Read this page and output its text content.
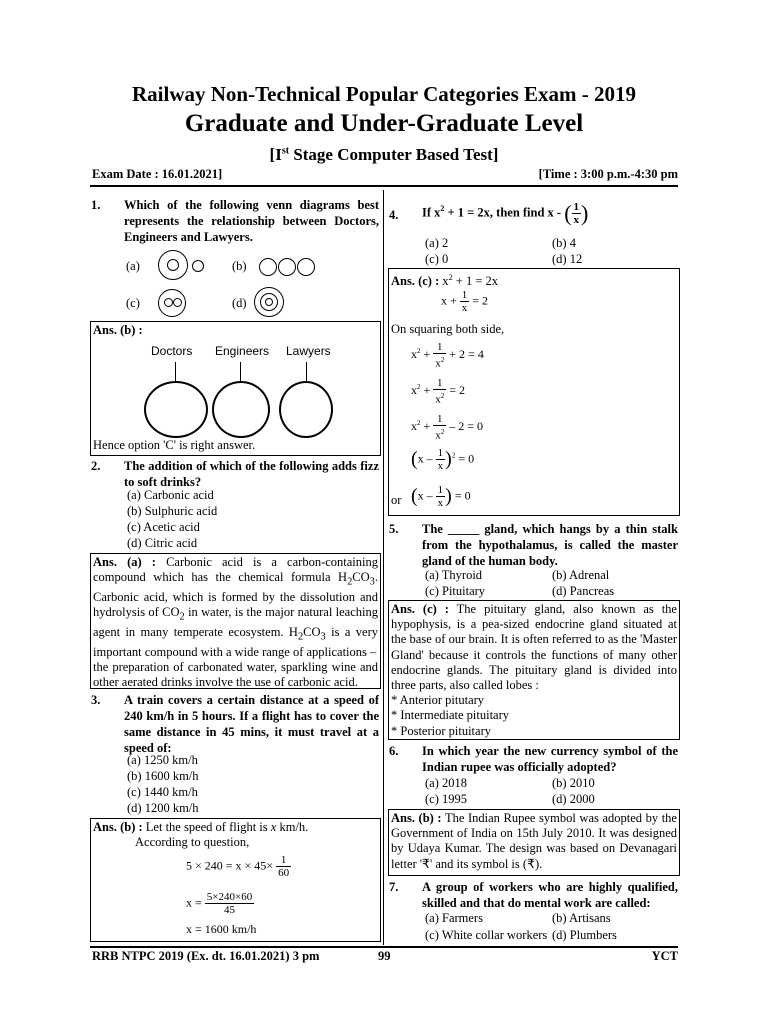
Railway Non-Technical Popular Categories Exam - 2019
Graduate and Under-Graduate Level
[Ist Stage Computer Based Test]
Exam Date : 16.01.2021]	[Time : 3:00 p.m.-4:30 pm
1. Which of the following venn diagrams best represents the relationship between Doctors, Engineers and Lawyers.
(a)	(b)
(c)	(d)
Ans. (b) :
Doctors Engineers Lawyers
Hence option 'C' is right answer.
2. The addition of which of the following adds fizz to soft drinks?
(a) Carbonic acid
(b) Sulphuric acid
(c) Acetic acid
(d) Citric acid
Ans. (a) : Carbonic acid is a carbon-containing compound which has the chemical formula $H_2CO_3$. Carbonic acid, which is formed by the dissolution and hydrolysis of $CO_2$ in water, is the major natural leaching agent in many temperate ecosystem. $H_2CO_3$ is a very important compound with a wide range of applications –
the preparation of carbonated water, sparkling wine and other aerated drinks involve the use of carbonic acid.
3. A train covers a certain distance at a speed of 240 km/h in 5 hours. If a flight has to cover the same distance in 45 mins, it must travel at a speed of:
(a) 1250 km/h
(b) 1600 km/h
(c) 1440 km/h
(d) 1200 km/h
Ans. (b) : Let the speed of flight is x km/h.
According to question,
$5 \times 240 = x \times 45\times \frac{1}{60}$
$x = \frac{5\times 240\times 60}{45}$
x = 1600 km/h
4. If $x^2 + 1 = 2x$, then find x - ( $\frac{1}{x}$ )
(a) 2	(b) 4
(c) 0	(d) 12
Ans. (c) : $x^2 + 1 = 2x$
$x + \frac{1}{x} = 2$
On squaring both side,
$x^2 + \frac{1}{x^2} + 2 = 4$
$x^2 + \frac{1}{x^2} = 2$
$x^2 + \frac{1}{x^2} - 2 = 0$
$(x - \frac{1}{x} )^2 = 0$
or ($x - \frac{1}{x}$ ) = 0
5. The _____ gland, which hangs by a thin stalk from the hypothalamus, is called the master gland of the human body.
(a) Thyroid	(b) Adrenal
(c) Pituitary	(d) Pancreas
Ans. (c) : The pituitary gland, also known as the hypophysis, is a pea-sized endocrine gland situated at the base of our brain. It is often referred to as the 'Master Gland' because it controls the functions of many other endocrine glands. The pituitary gland is divided into three parts, also called lobes :
* Anterior pitutary
* Intermediate pituitary
* Posterior pituitary
6. In which year the new currency symbol of the Indian rupee was officially adopted?
(a) 2018	(b) 2010
(c) 1995	(d) 2000
Ans. (b) : The Indian Rupee symbol was adopted by the Government of India on 15th July 2010. It was designed by Udaya Kumar. The design was based on Devanagari letter '₹' and its symbol is (₹).
7. A group of workers who are highly qualified, skilled and that do mental work are called:
(a) Farmers	(b) Artisans
(c) White collar workers (d) Plumbers
RRB NTPC 2019 (Ex. dt. 16.01.2021) 3 pm	99	YCT
